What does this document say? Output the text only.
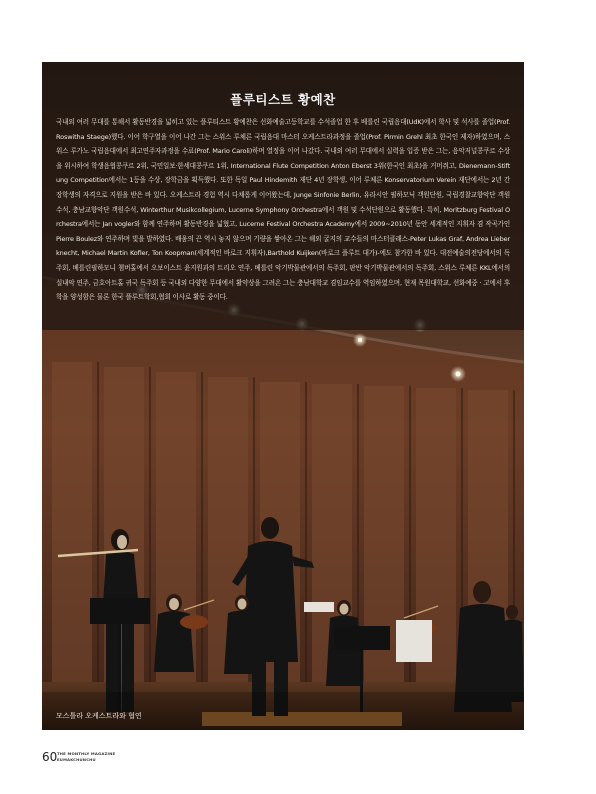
플루티스트 황예찬

국내외 여러 무대를 통해서 활동반경을 넓히고 있는 플루티스트 황예찬은 선화예술고등학교를 수석졸업 한 후 베를린 국립음대(UdK)에서 학사 및 석사를 졸업(Prof. Roswitha Staege)했다. 이어 학구열을 이어 나간 그는 스위스 루체른 국립음대 마스터 오케스트라과정을 졸업(Prof. Pirmin Grehl 최초 한국인 제자)하였으며, 스위스 루가노 국립음대에서 최고연주자과정을 수료(Prof. Mario Caroli)하며 열정을 이어 나갔다. 국내외 여러 무대에서 실력을 입증 받은 그는, 음악저널콩쿠르 수상을 위시하여 학생음협콩쿠르 2위, 국민일보·한세대콩쿠르 1위, International Flute Competition Anton Eberst 3위(한국인 최초)을 거머쥐고, Dienemann-Stiftung Competition에서는 1등을 수상, 장학금을 획득했다. 또한 독일 Paul Hindemith 재단 4년 장학생, 이어 루체른 Konservatorium Verein 재단에서는 2년 간 장학생의 자격으로 지원을 받은 바 있다. 오케스트라 경험 역시 다채롭게 이어왔는데, Junge Sinfonie Berlin, 유라시안 필하모닉 객원단원, 국립경찰교향악단 객원수석, 충남교향악단 객원수석, Winterthur Musikcollegium, Lucerne Symphony Orchestra에서 객원 및 수석단원으로 활동했다. 특히, Moritzburg Festival Orchestra에서는 Jan vogler와 함께 연주하며 활동반경을 넓혔고, Lucerne Festival Orchestra Academy에서 2009~2010년 동안 세계적인 지휘자 겸 작곡가인 Pierre Boulez와 연주하며 빛을 발하였다. 배움의 끈 역시 놓지 않으며 기량을 쌓아온 그는 해외 굴지의 교수들의 마스터클래스-Peter Lukas Graf, Andrea Lieberknecht, Michael Martin Kofler, Ton Koopman(세계적인 바로크 지휘자),Barthold Kuijken(바로크 플루트 대가)-에도 참가한 바 있다. 대전예술의전당에서의 독주회, 베를린필하모니 챔버홀에서 오보이스트 윤지원과의 트리오 연주, 베를린 악기박물관에서의 독주회, 판반 악기박물관에서의 독주회, 스위스 루체른 KKL에서의 실내악 연주, 금호아트홀 귀국 독주회 등 국내외 다양한 무대에서 활약상을 그려온 그는 충남대학교 겸임교수를 역임하였으며, 현재 목원대학교, 선화예중 · 고에서 후학을 양성함은 물론 한국 플루트학회,협회 이사로 활동 중이다.

모스틀라 오케스트라와 협연
60 THE MONTHLY MAGAZINE
EUMAKCHUNCHU
